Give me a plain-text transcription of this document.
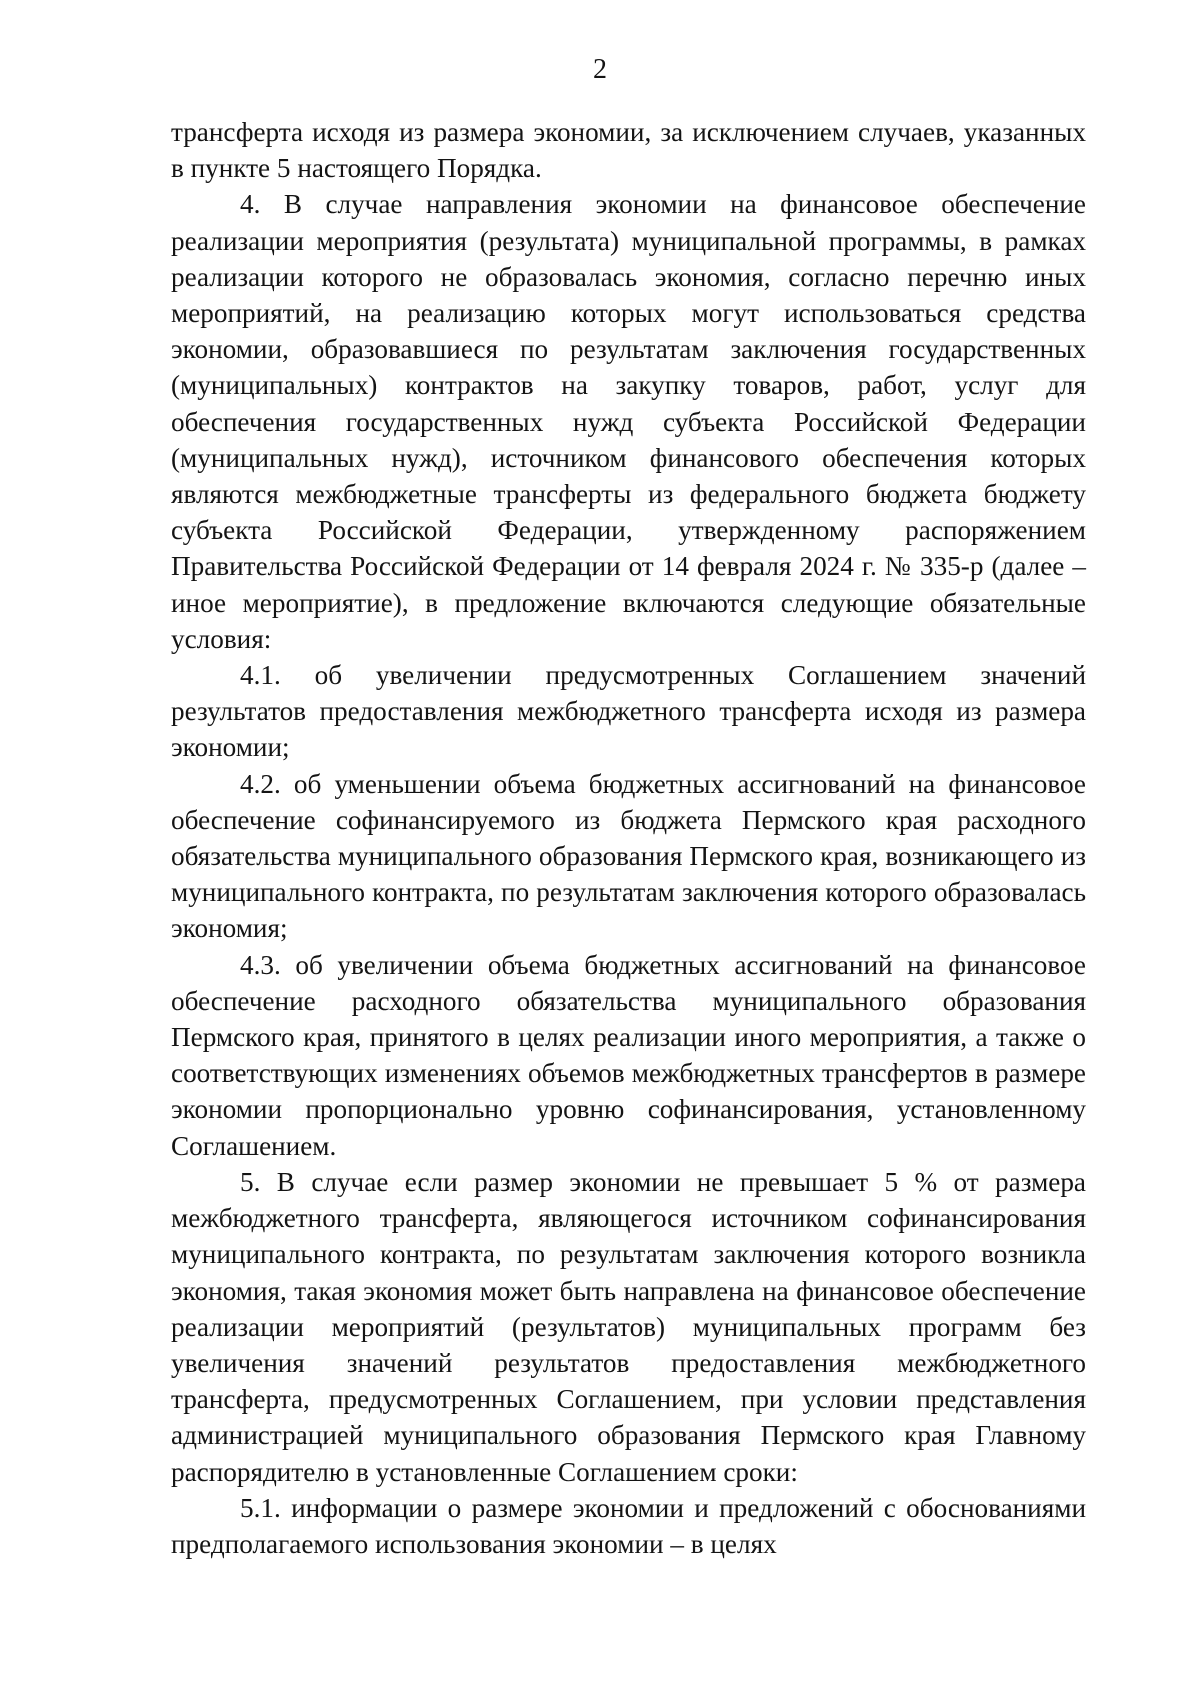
2

трансферта исходя из размера экономии, за исключением случаев, указанных в пункте 5 настоящего Порядка.

4. В случае направления экономии на финансовое обеспечение реализации мероприятия (результата) муниципальной программы, в рамках реализации которого не образовалась экономия, согласно перечню иных мероприятий, на реализацию которых могут использоваться средства экономии, образовавшиеся по результатам заключения государственных (муниципальных) контрактов на закупку товаров, работ, услуг для обеспечения государственных нужд субъекта Российской Федерации (муниципальных нужд), источником финансового обеспечения которых являются межбюджетные трансферты из федерального бюджета бюджету субъекта Российской Федерации, утвержденному распоряжением Правительства Российской Федерации от 14 февраля 2024 г. № 335-р (далее – иное мероприятие), в предложение включаются следующие обязательные условия:

4.1. об увеличении предусмотренных Соглашением значений результатов предоставления межбюджетного трансферта исходя из размера экономии;

4.2. об уменьшении объема бюджетных ассигнований на финансовое обеспечение софинансируемого из бюджета Пермского края расходного обязательства муниципального образования Пермского края, возникающего из муниципального контракта, по результатам заключения которого образовалась экономия;

4.3. об увеличении объема бюджетных ассигнований на финансовое обеспечение расходного обязательства муниципального образования Пермского края, принятого в целях реализации иного мероприятия, а также о соответствующих изменениях объемов межбюджетных трансфертов в размере экономии пропорционально уровню софинансирования, установленному Соглашением.

5. В случае если размер экономии не превышает 5 % от размера межбюджетного трансферта, являющегося источником софинансирования муниципального контракта, по результатам заключения которого возникла экономия, такая экономия может быть направлена на финансовое обеспечение реализации мероприятий (результатов) муниципальных программ без увеличения значений результатов предоставления межбюджетного трансферта, предусмотренных Соглашением, при условии представления администрацией муниципального образования Пермского края Главному распорядителю в установленные Соглашением сроки:

5.1. информации о размере экономии и предложений с обоснованиями предполагаемого использования экономии – в целях
